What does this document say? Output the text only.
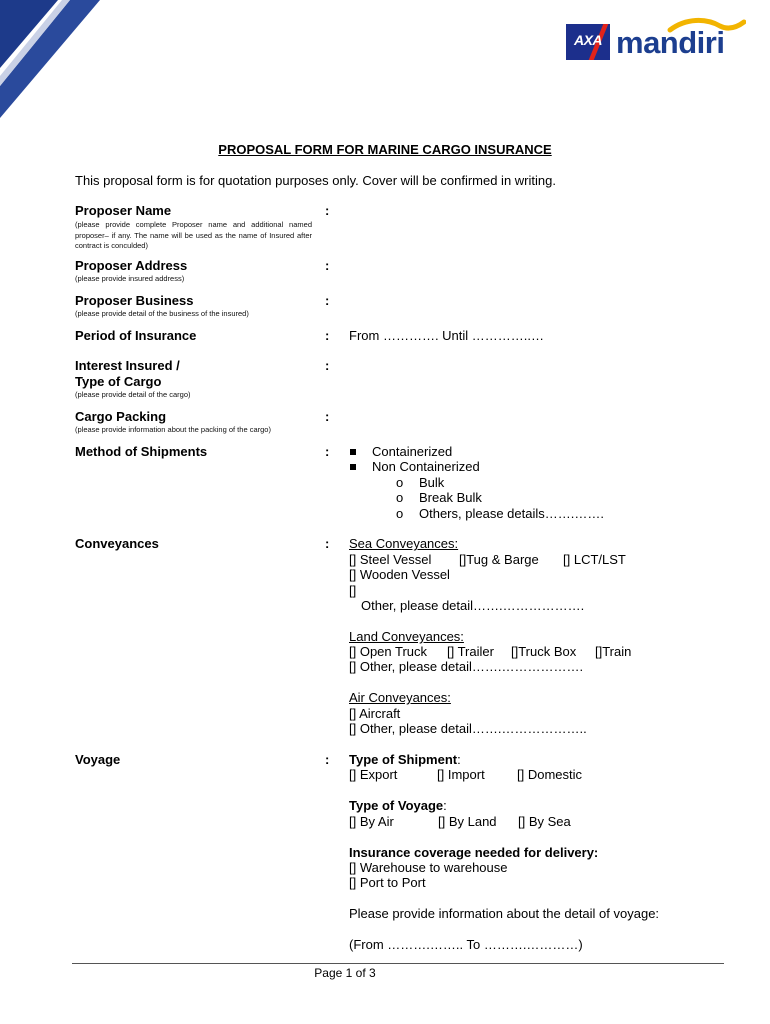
AXA mandiri
PROPOSAL FORM FOR MARINE CARGO INSURANCE
This proposal form is for quotation purposes only. Cover will be confirmed in writing.
Proposer Name	:
(please provide complete Proposer name and additional named proposer– if any. The name will be used as the name of Insured after contract is conculded)
Proposer Address	:
(please provide insured address)
Proposer Business	:
(please provide detail of the business of the insured)
Period of Insurance	: From …………. Until …………..…
Interest Insured /
Type of Cargo
:
(please provide detail of the cargo)
Cargo Packing	:
(please provide information about the packing of the cargo)
Method of Shipments	:	Containerized
Non Containerized
o Bulk
o Break Bulk
o Others, please details…….…….
Conveyances	: Sea Conveyances:
[] Steel Vessel []Tug & Barge [] LCT/LST
[] Wooden Vessel
[]
Other, please detail…….……………….
Land Conveyances:
[] Open Truck [] Trailer []Truck Box []Train
[] Other, please detail…….……………….
Air Conveyances:
[] Aircraft
[] Other, please detail…….………………..
Voyage	: Type of Shipment:
[] Export	[] Import [] Domestic
Type of Voyage:
[] By Air	[] By Land [] By Sea
Insurance coverage needed for delivery:
[] Warehouse to warehouse
[] Port to Port
Please provide information about the detail of voyage:
(From ……….…….. To ……….…………)
Page 1 of 3
